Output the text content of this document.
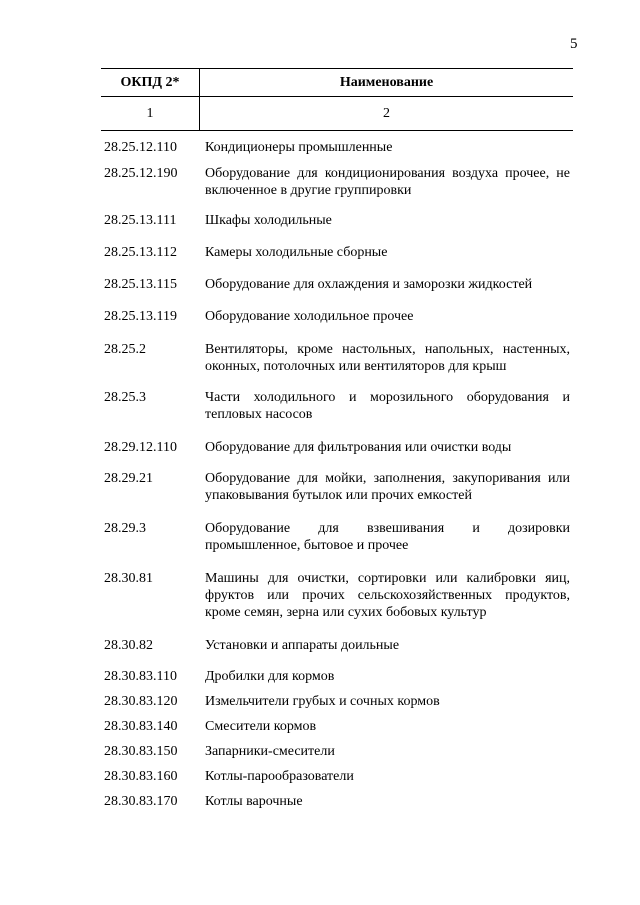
5
ОКПД 2*	Наименование
1	2
28.25.12.110	Кондиционеры промышленные
28.25.12.190	Оборудование для кондиционирования воздуха прочее, не включенное в другие группировки
28.25.13.111	Шкафы холодильные
28.25.13.112	Камеры холодильные сборные
28.25.13.115	Оборудование для охлаждения и заморозки жидкостей
28.25.13.119	Оборудование холодильное прочее
28.25.2	Вентиляторы, кроме настольных, напольных, настенных, оконных, потолочных или вентиляторов для крыш
28.25.3	Части холодильного и морозильного оборудования и тепловых насосов
28.29.12.110	Оборудование для фильтрования или очистки воды
28.29.21	Оборудование для мойки, заполнения, закупоривания или упаковывания бутылок или прочих емкостей
28.29.3	Оборудование для взвешивания и дозировки промышленное, бытовое и прочее
28.30.81	Машины для очистки, сортировки или калибровки яиц, фруктов или прочих сельскохозяйственных продуктов, кроме семян, зерна или сухих бобовых культур
28.30.82	Установки и аппараты доильные
28.30.83.110	Дробилки для кормов
28.30.83.120	Измельчители грубых и сочных кормов
28.30.83.140	Смесители кормов
28.30.83.150	Запарники-смесители
28.30.83.160	Котлы-парообразователи
28.30.83.170	Котлы варочные
